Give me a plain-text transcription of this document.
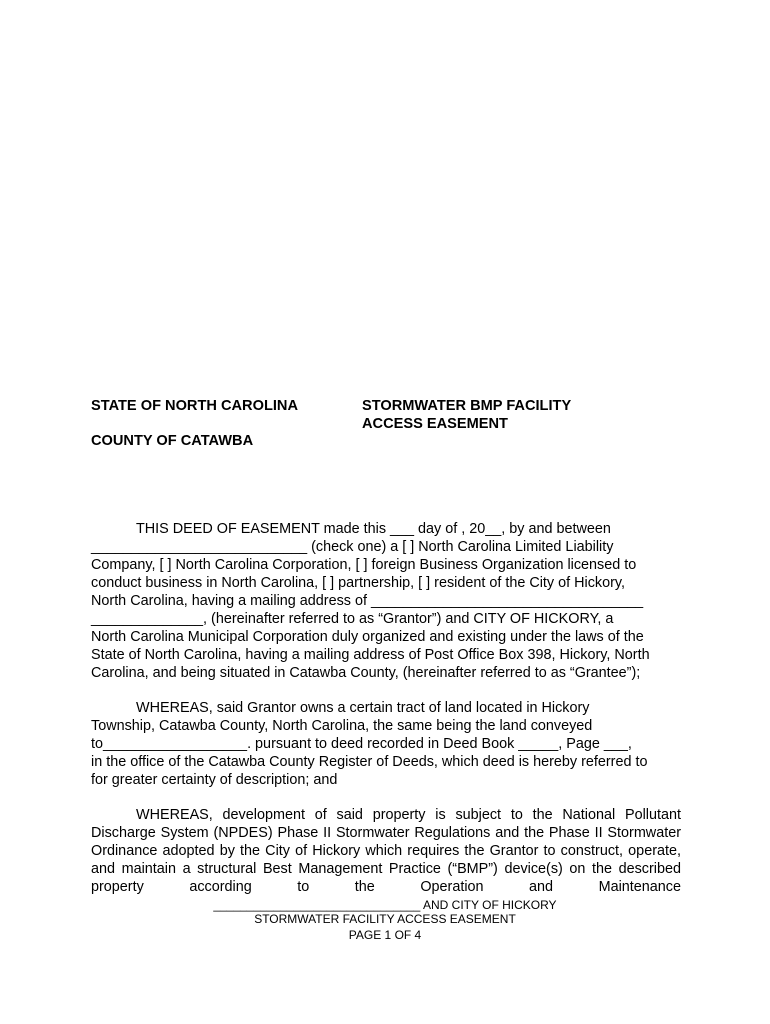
STATE OF NORTH CAROLINA

COUNTY OF CATAWBA

STORMWATER BMP FACILITY
ACCESS EASEMENT

THIS DEED OF EASEMENT made this ___ day of , 20__, by and between
___________________________ (check one) a [ ] North Carolina Limited Liability
Company, [ ] North Carolina Corporation, [ ] foreign Business Organization licensed to
conduct business in North Carolina, [ ] partnership, [ ] resident of the City of Hickory,
North Carolina, having a mailing address of __________________________________
______________, (hereinafter referred to as “Grantor”) and CITY OF HICKORY, a
North Carolina Municipal Corporation duly organized and existing under the laws of the
State of North Carolina, having a mailing address of Post Office Box 398, Hickory, North
Carolina, and being situated in Catawba County, (hereinafter referred to as “Grantee”);

WHEREAS, said Grantor owns a certain tract of land located in Hickory
Township, Catawba County, North Carolina, the same being the land conveyed
to__________________. pursuant to deed recorded in Deed Book _____, Page ___,
in the office of the Catawba County Register of Deeds, which deed is hereby referred to
for greater certainty of description; and

WHEREAS, development of said property is subject to the National Pollutant Discharge System (NPDES) Phase II Stormwater Regulations and the Phase II Stormwater Ordinance adopted by the City of Hickory which requires the Grantor to construct, operate, and maintain a structural Best Management Practice (“BMP”) device(s) on the described property according to the Operation and Maintenance

_______________________________ AND CITY OF HICKORY

STORMWATER FACILITY ACCESS EASEMENT

PAGE 1 OF 4
